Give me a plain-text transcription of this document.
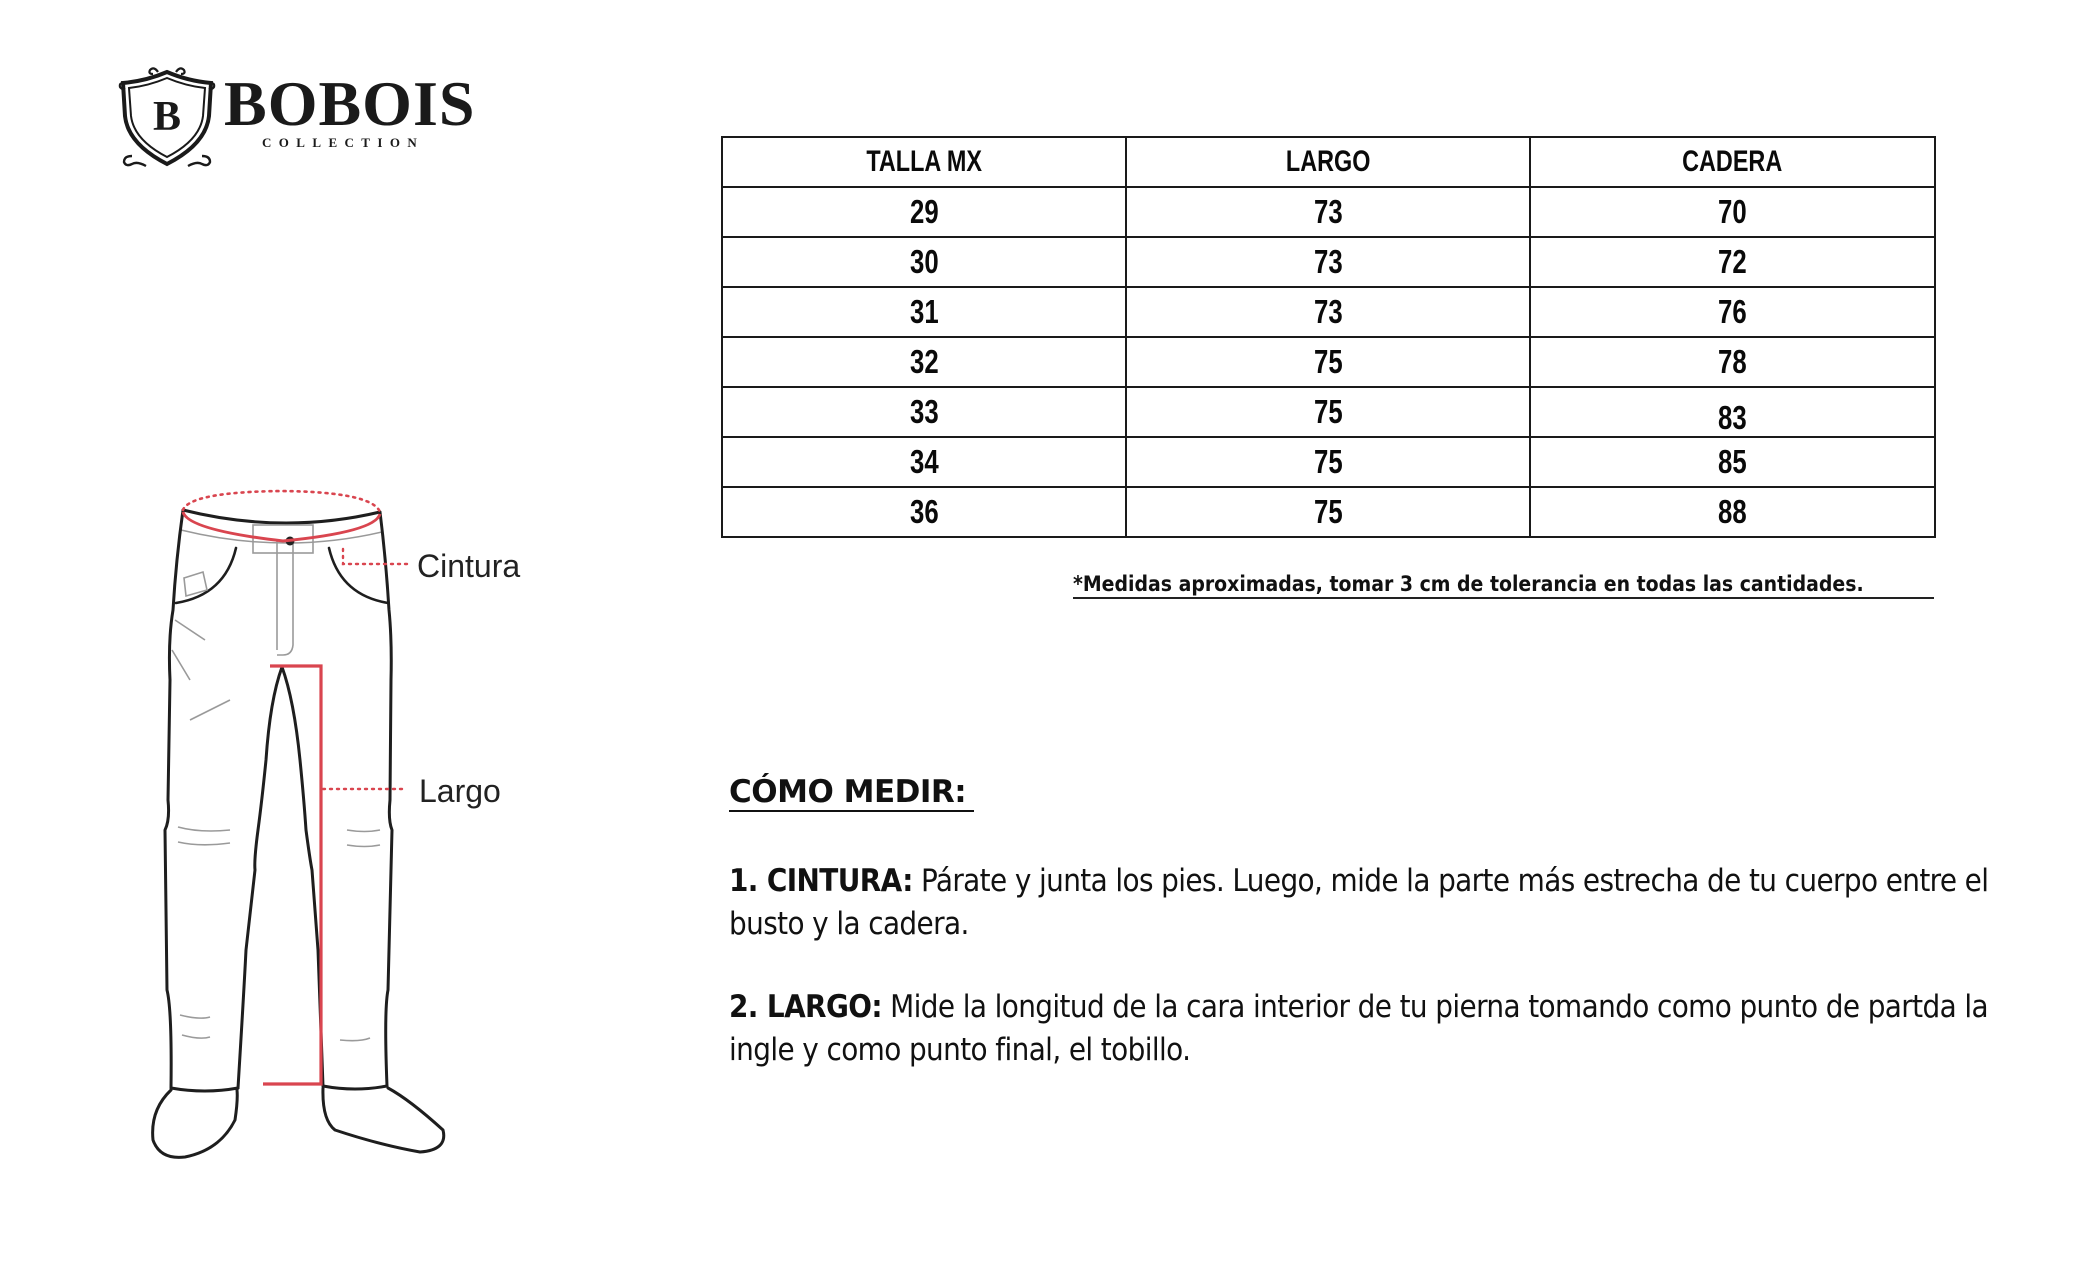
B BOBOIS
COLLECTION
TALLA MX	LARGO	CADERA
29	73	70
30	73	72
31	73	76
32	75	78
33	75	83
34	75	85
36	75	88
*Medidas aproximadas, tomar 3 cm de tolerancia en todas las cantidades.
Cintura
Largo	CÓMO MEDIR:
1. CINTURA: Párate y junta los pies. Luego, mide la parte más estrecha de tu cuerpo entre el busto y la cadera.
2. LARGO: Mide la longitud de la cara interior de tu pierna tomando como punto de partda la ingle y como punto final, el tobillo.
